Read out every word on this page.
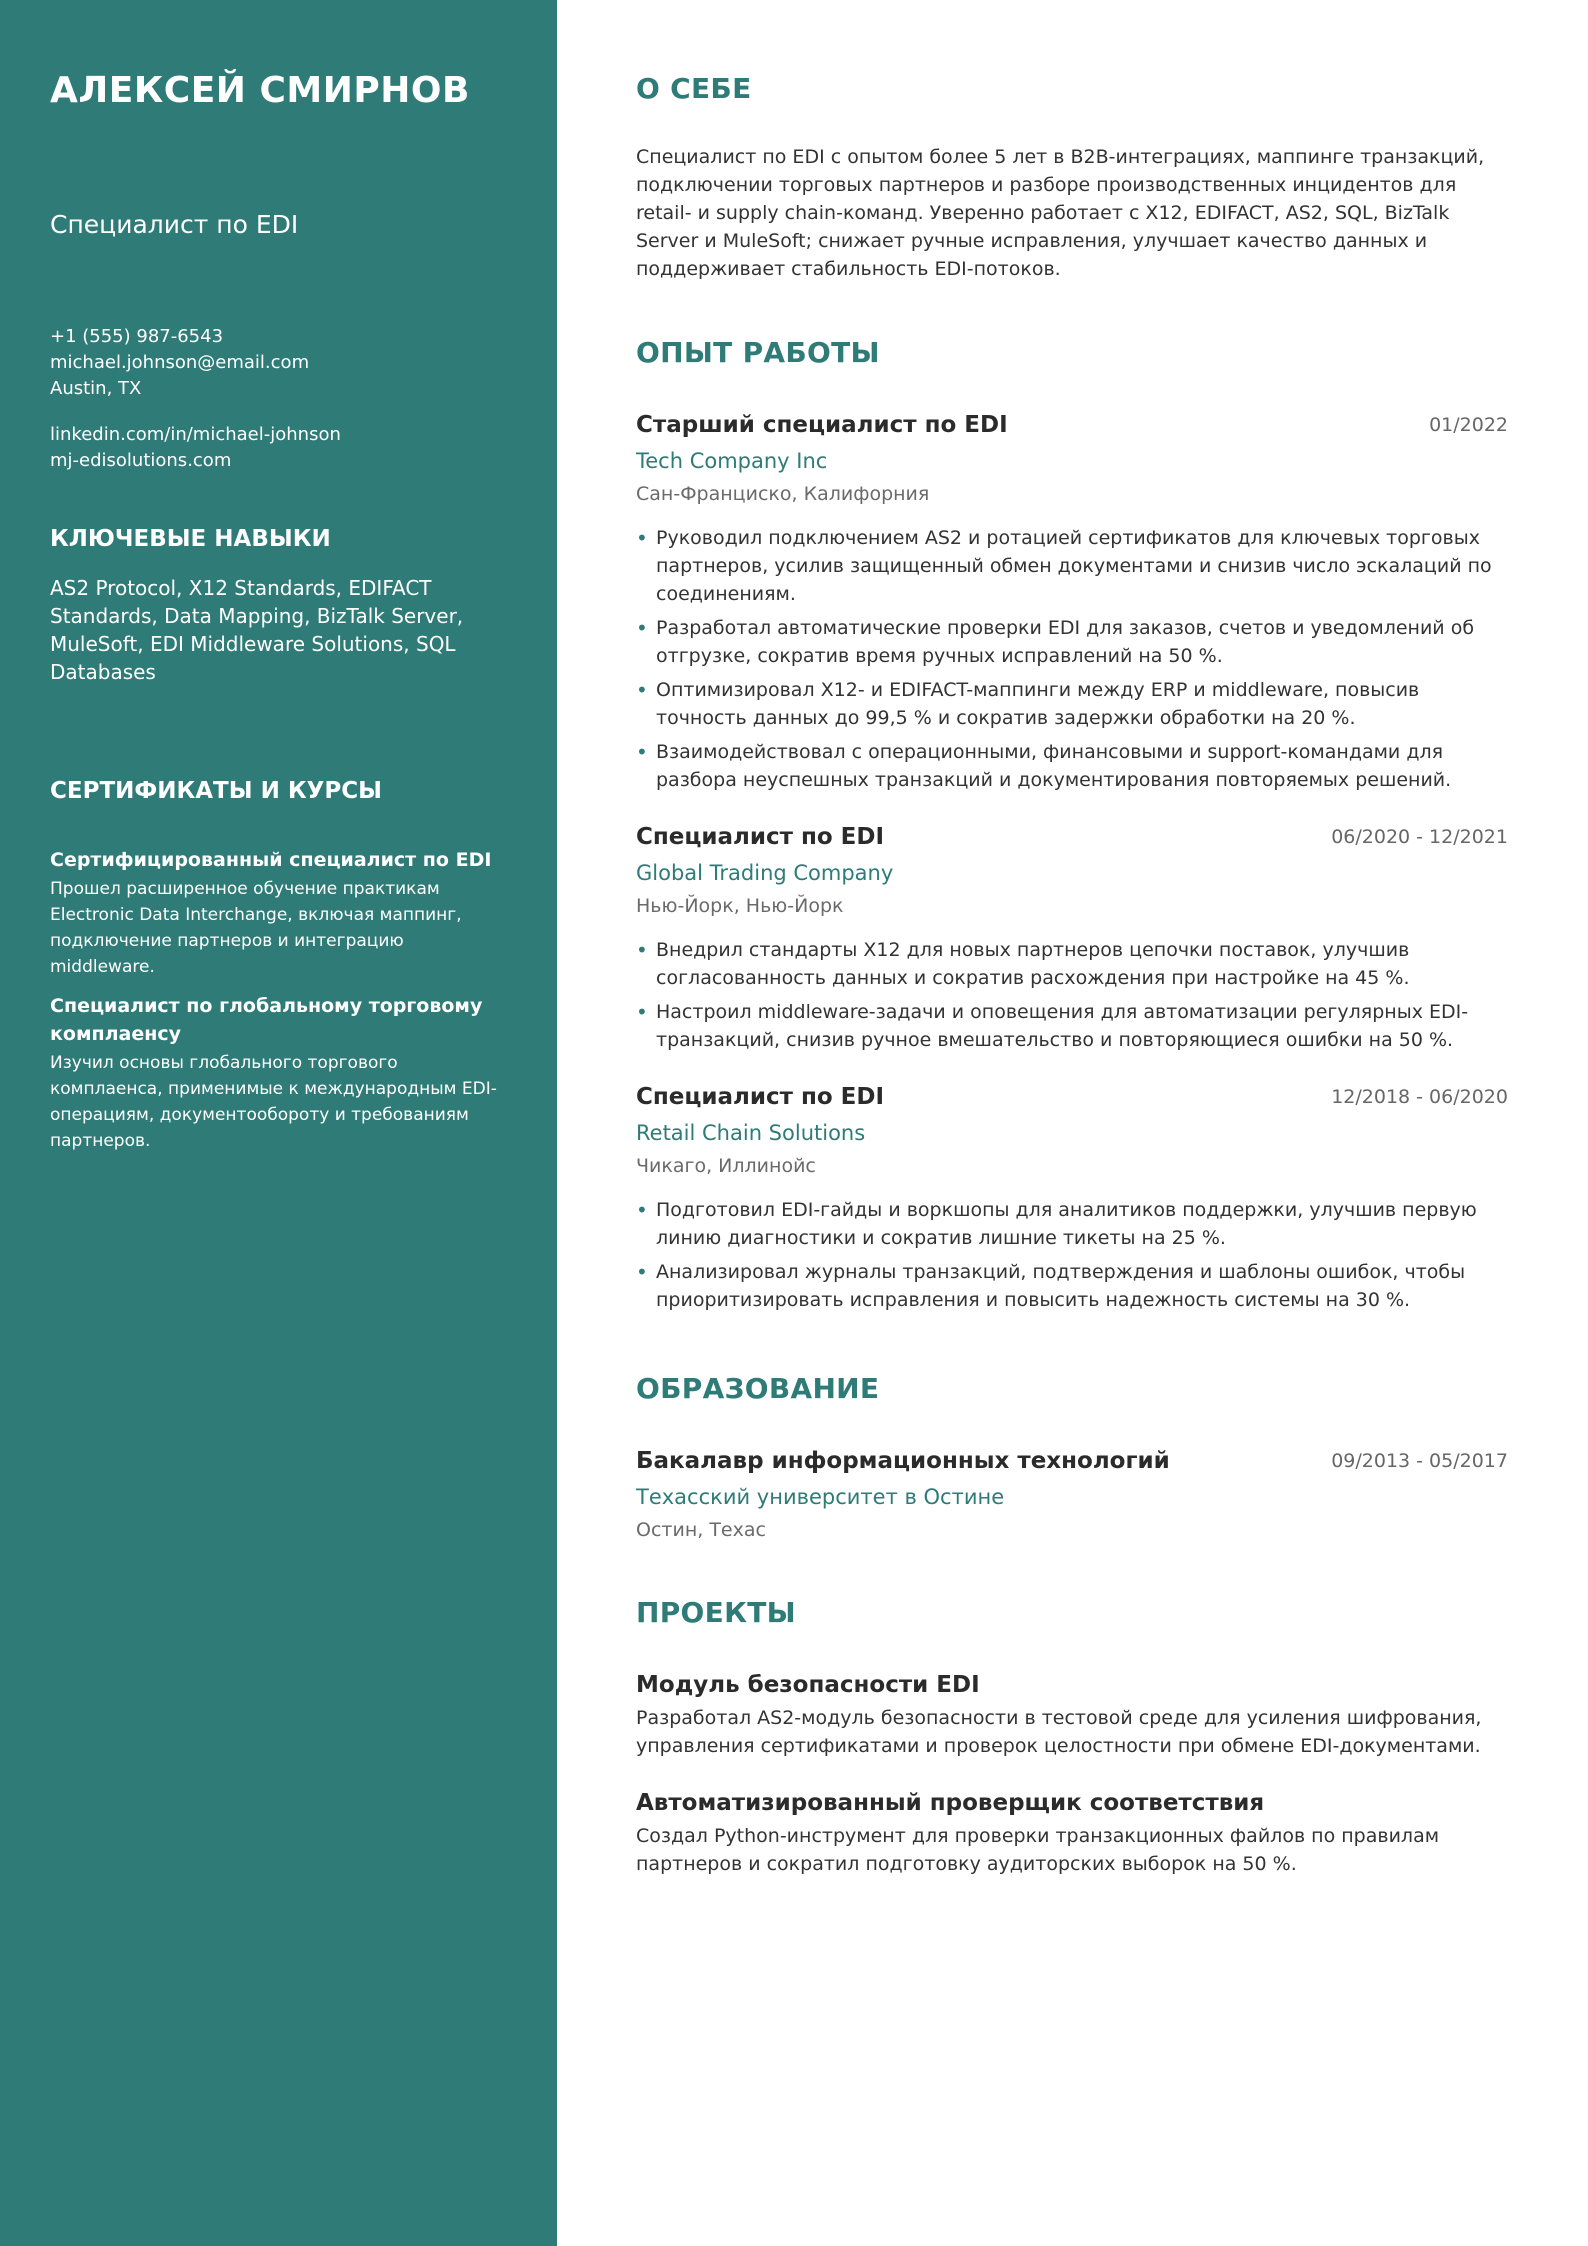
АЛЕКСЕЙ СМИРНОВ
Специалист по EDI
+1 (555) 987-6543
michael.johnson@email.com
Austin, TX
linkedin.com/in/michael-johnson
mj-edisolutions.com
КЛЮЧЕВЫЕ НАВЫКИ
AS2 Protocol, X12 Standards, EDIFACT Standards, Data Mapping, BizTalk Server, MuleSoft, EDI Middleware Solutions, SQL Databases
СЕРТИФИКАТЫ И КУРСЫ
Сертифицированный специалист по EDI
Прошел расширенное обучение практикам Electronic Data Interchange, включая маппинг, подключение партнеров и интеграцию middleware.
Специалист по глобальному торговому комплаенсу
Изучил основы глобального торгового комплаенса, применимые к международным EDI-операциям, документообороту и требованиям партнеров.
О СЕБЕ
Специалист по EDI с опытом более 5 лет в B2B-интеграциях, маппинге транзакций, подключении торговых партнеров и разборе производственных инцидентов для retail- и supply chain-команд. Уверенно работает с X12, EDIFACT, AS2, SQL, BizTalk Server и MuleSoft; снижает ручные исправления, улучшает качество данных и поддерживает стабильность EDI-потоков.
ОПЫТ РАБОТЫ
Старший специалист по EDI	01/2022
Tech Company Inc
Сан-Франциско, Калифорния
• Руководил подключением AS2 и ротацией сертификатов для ключевых торговых партнеров, усилив защищенный обмен документами и снизив число эскалаций по соединениям.
• Разработал автоматические проверки EDI для заказов, счетов и уведомлений об отгрузке, сократив время ручных исправлений на 50 %.
• Оптимизировал X12- и EDIFACT-маппинги между ERP и middleware, повысив точность данных до 99,5 % и сократив задержки обработки на 20 %.
• Взаимодействовал с операционными, финансовыми и support-командами для разбора неуспешных транзакций и документирования повторяемых решений.
Специалист по EDI	06/2020 - 12/2021
Global Trading Company
Нью-Йорк, Нью-Йорк
• Внедрил стандарты X12 для новых партнеров цепочки поставок, улучшив согласованность данных и сократив расхождения при настройке на 45 %.
• Настроил middleware-задачи и оповещения для автоматизации регулярных EDI-транзакций, снизив ручное вмешательство и повторяющиеся ошибки на 50 %.
Специалист по EDI	12/2018 - 06/2020
Retail Chain Solutions
Чикаго, Иллинойс
• Подготовил EDI-гайды и воркшопы для аналитиков поддержки, улучшив первую линию диагностики и сократив лишние тикеты на 25 %.
• Анализировал журналы транзакций, подтверждения и шаблоны ошибок, чтобы приоритизировать исправления и повысить надежность системы на 30 %.
ОБРАЗОВАНИЕ
Бакалавр информационных технологий	09/2013 - 05/2017
Техасский университет в Остине
Остин, Техас
ПРОЕКТЫ
Модуль безопасности EDI
Разработал AS2-модуль безопасности в тестовой среде для усиления шифрования, управления сертификатами и проверок целостности при обмене EDI-документами.
Автоматизированный проверщик соответствия
Создал Python-инструмент для проверки транзакционных файлов по правилам партнеров и сократил подготовку аудиторских выборок на 50 %.
